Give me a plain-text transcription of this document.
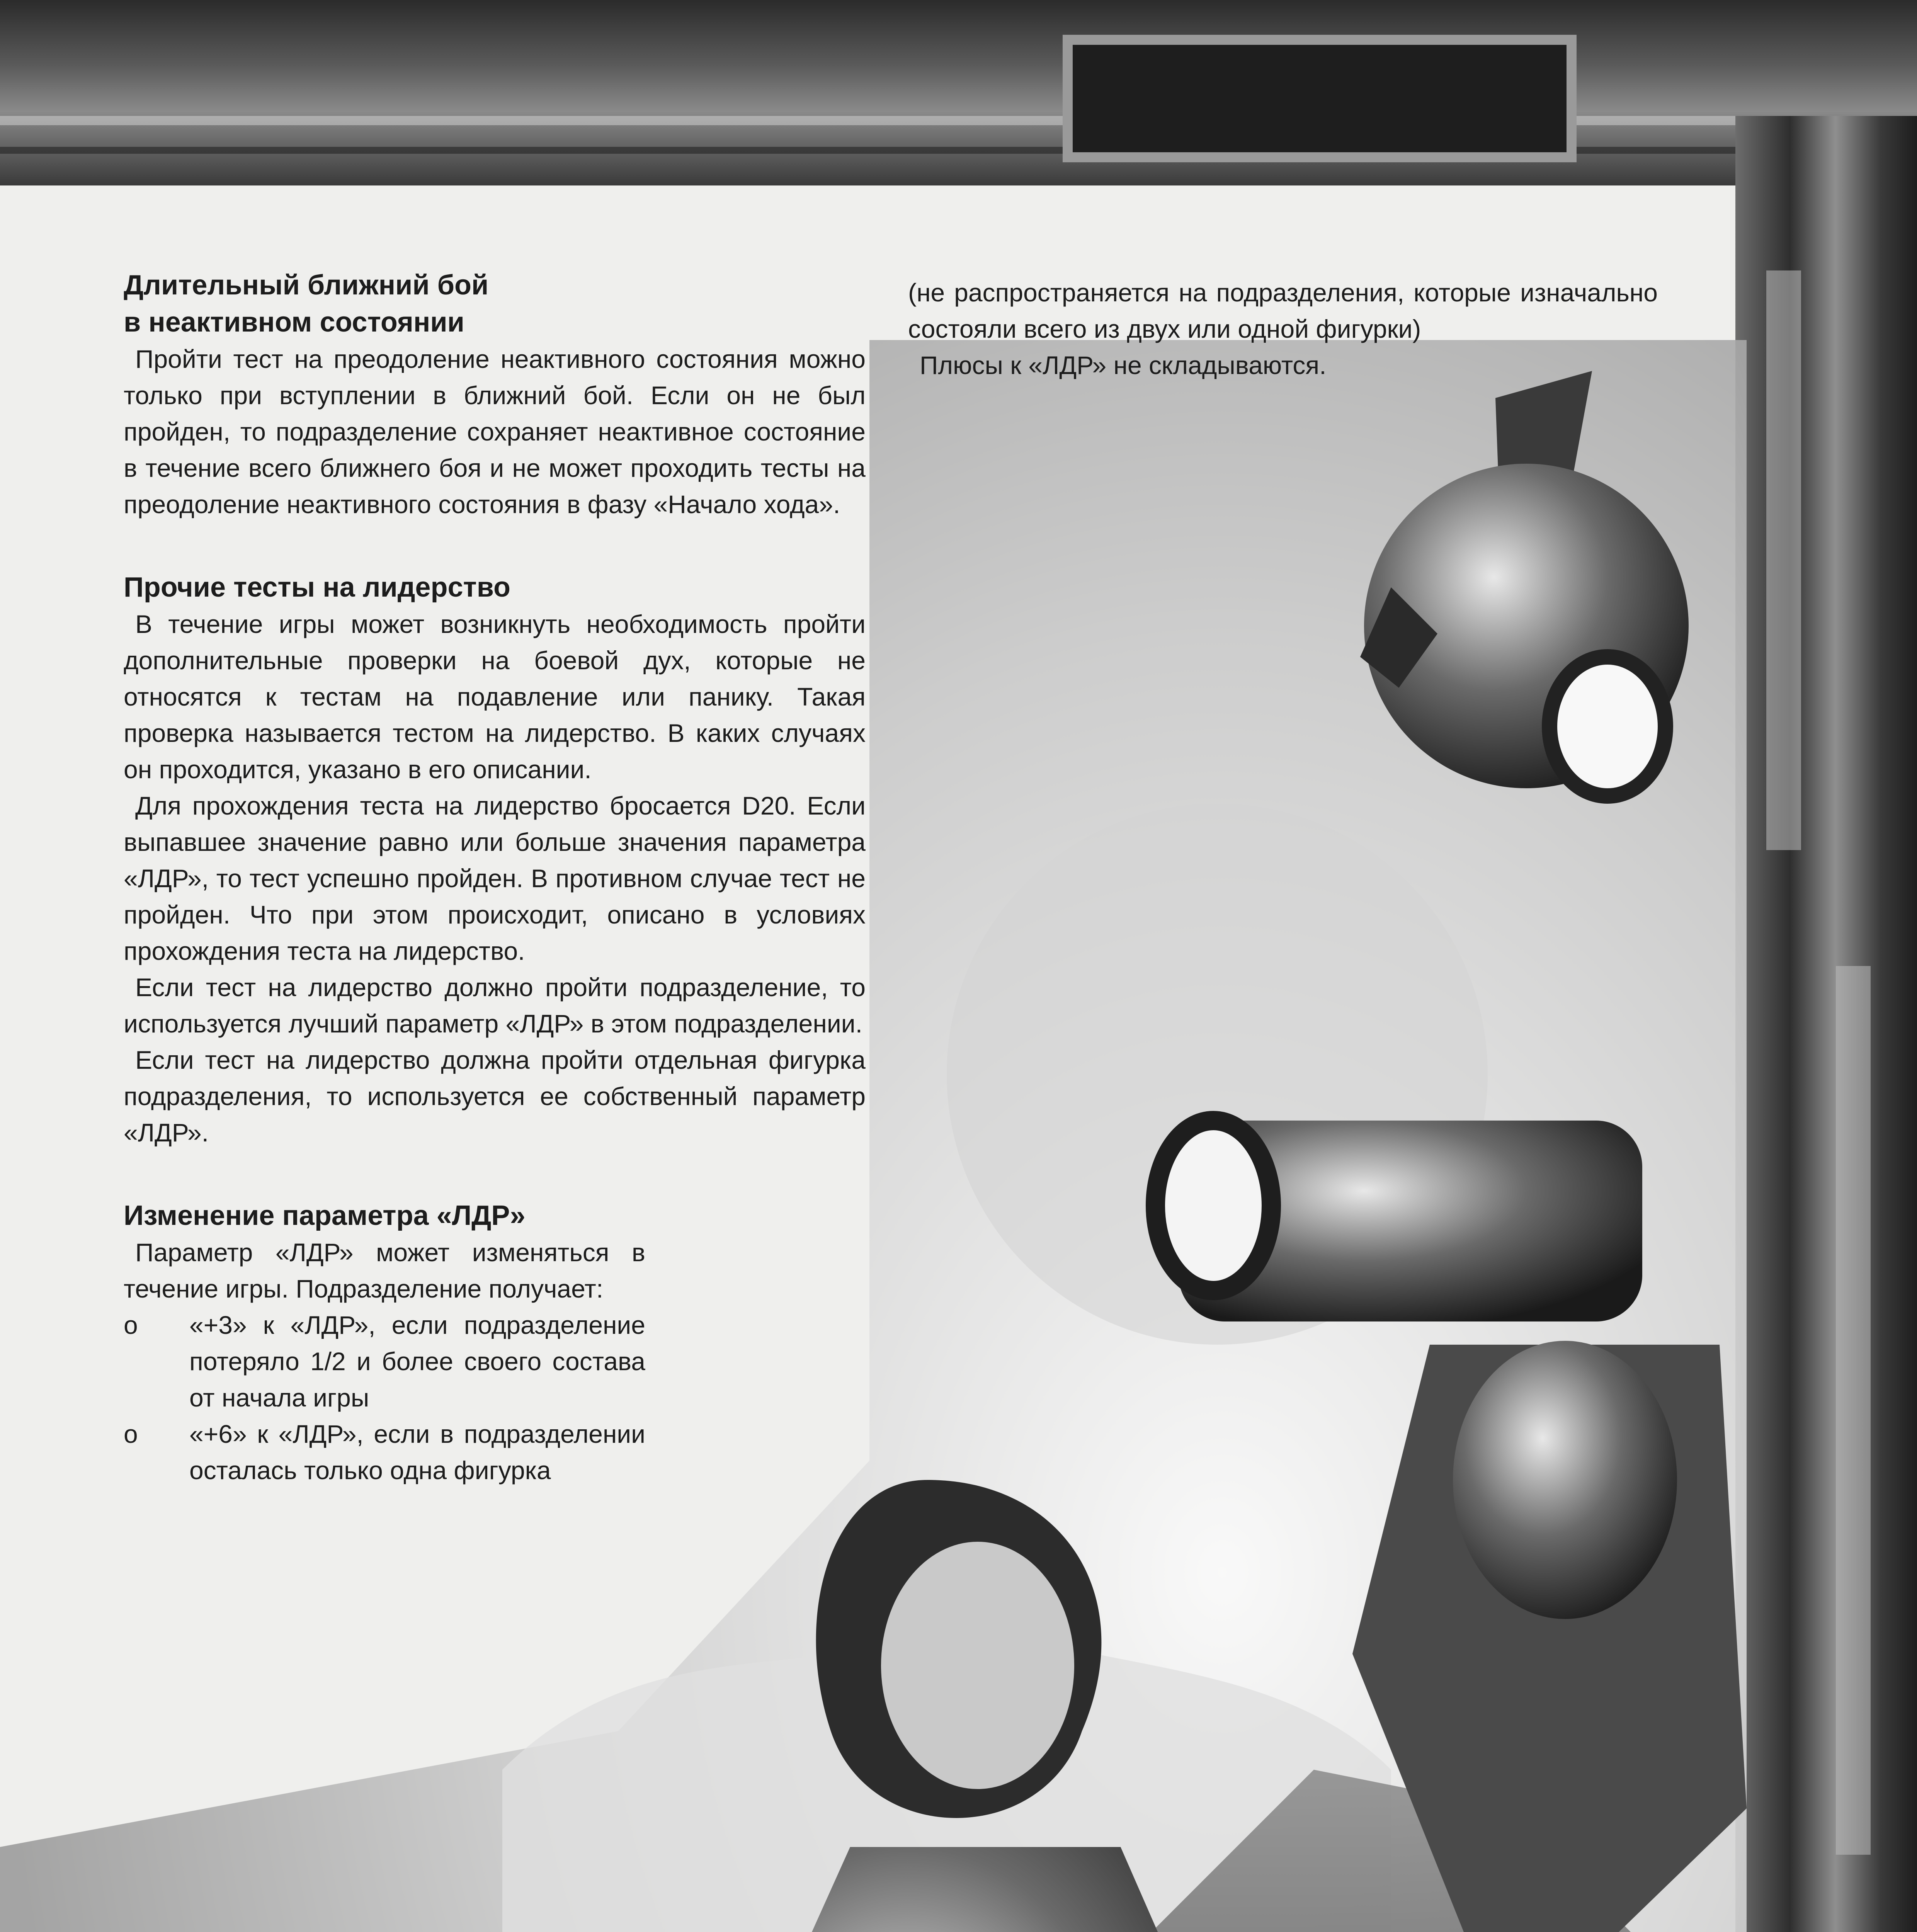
Длительный ближний бой
в неактивном состоянии

Пройти тест на преодоление неактивного состояния можно только при вступлении в ближний бой. Если он не был пройден, то подразделение сохраняет неактивное состояние в течение всего ближнего боя и не может проходить тесты на преодоление неактивного состояния в фазу «Начало хода».

Прочие тесты на лидерство

В течение игры может возникнуть необходимость пройти дополнительные проверки на боевой дух, которые не относятся к тестам на подавление или панику. Такая проверка называется тестом на лидерство. В каких случаях он проходится, указано в его описании.

Для прохождения теста на лидерство бросается D20. Если выпавшее значение равно или больше значения параметра «ЛДР», то тест успешно пройден. В противном случае тест не пройден. Что при этом происходит, описано в условиях прохождения теста на лидерство.

Если тест на лидерство должно пройти подразделение, то используется лучший параметр «ЛДР» в этом подразделении.

Если тест на лидерство должна пройти отдельная фигурка подразделения, то используется ее собственный параметр «ЛДР».

Изменение параметра «ЛДР»

Параметр «ЛДР» может изменяться в течение игры. Подразделение получает:

o	«+3» к «ЛДР», если подразделение потеряло 1/2 и более своего состава от начала игры

o	«+6» к «ЛДР», если в подразделении осталась только одна фигурка

(не распространяется на подразделения, которые изначально состояли всего из двух или одной фигурки)

Плюсы к «ЛДР» не складываются.
